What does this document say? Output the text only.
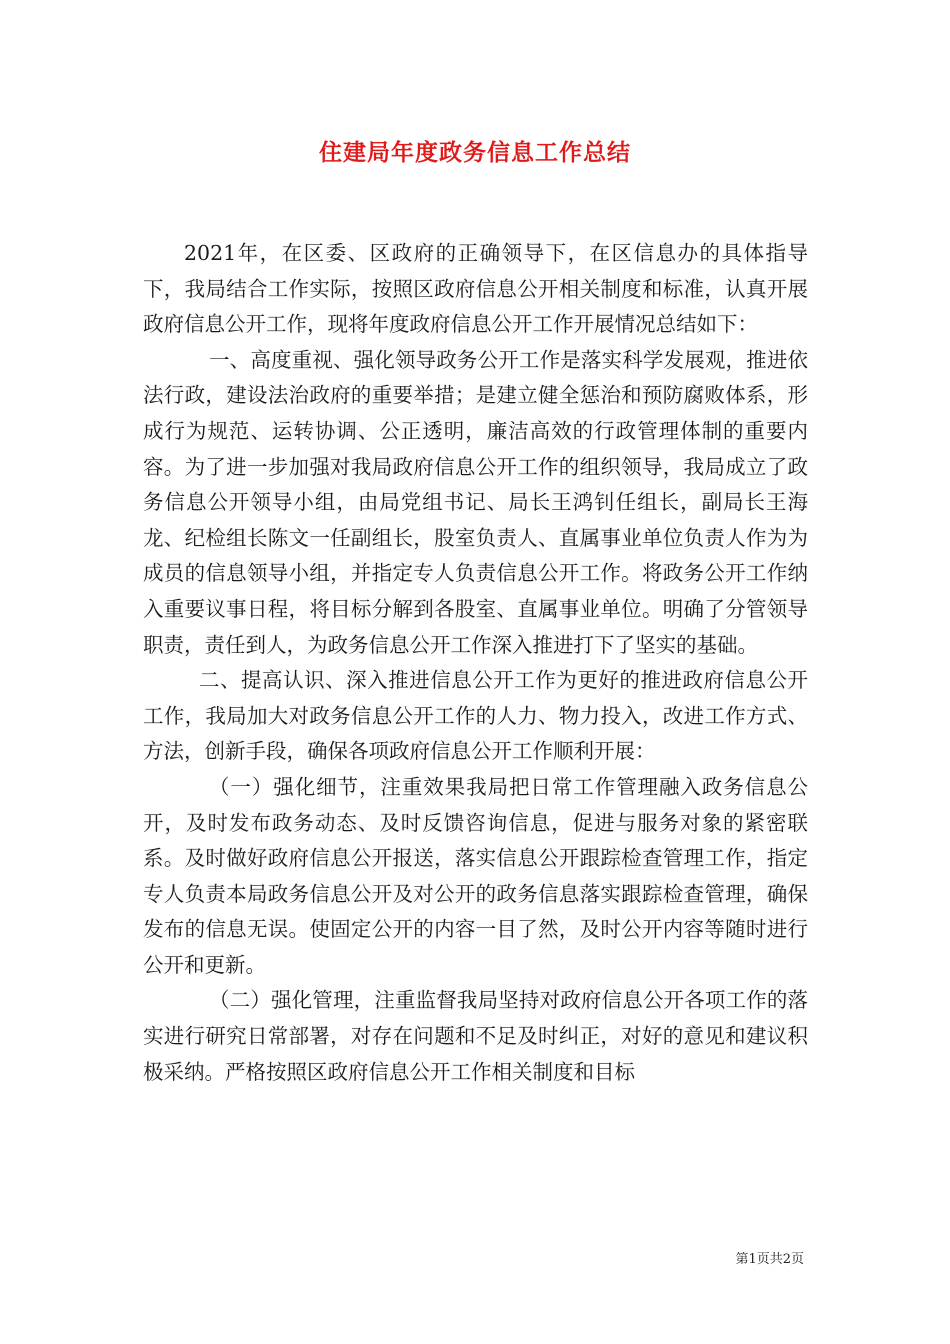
住建局年度政务信息工作总结

2021年，在区委、区政府的正确领导下，在区信息办的具体指导下，我局结合工作实际，按照区政府信息公开相关制度和标准，认真开展政府信息公开工作，现将年度政府信息公开工作开展情况总结如下：

一、高度重视、强化领导政务公开工作是落实科学发展观，推进依法行政，建设法治政府的重要举措；是建立健全惩治和预防腐败体系，形成行为规范、运转协调、公正透明，廉洁高效的行政管理体制的重要内容。为了进一步加强对我局政府信息公开工作的组织领导，我局成立了政务信息公开领导小组，由局党组书记、局长王鸿钊任组长，副局长王海龙、纪检组长陈文一任副组长，股室负责人、直属事业单位负责人作为为成员的信息领导小组，并指定专人负责信息公开工作。将政务公开工作纳入重要议事日程，将目标分解到各股室、直属事业单位。明确了分管领导职责，责任到人，为政务信息公开工作深入推进打下了坚实的基础。

二、提高认识、深入推进信息公开工作为更好的推进政府信息公开工作，我局加大对政务信息公开工作的人力、物力投入，改进工作方式、方法，创新手段，确保各项政府信息公开工作顺利开展：

（一）强化细节，注重效果我局把日常工作管理融入政务信息公开，及时发布政务动态、及时反馈咨询信息，促进与服务对象的紧密联系。及时做好政府信息公开报送，落实信息公开跟踪检查管理工作，指定专人负责本局政务信息公开及对公开的政务信息落实跟踪检查管理，确保发布的信息无误。使固定公开的内容一目了然，及时公开内容等随时进行公开和更新。

（二）强化管理，注重监督我局坚持对政府信息公开各项工作的落实进行研究日常部署，对存在问题和不足及时纠正，对好的意见和建议积极采纳。严格按照区政府信息公开工作相关制度和目标

第1页共2页
